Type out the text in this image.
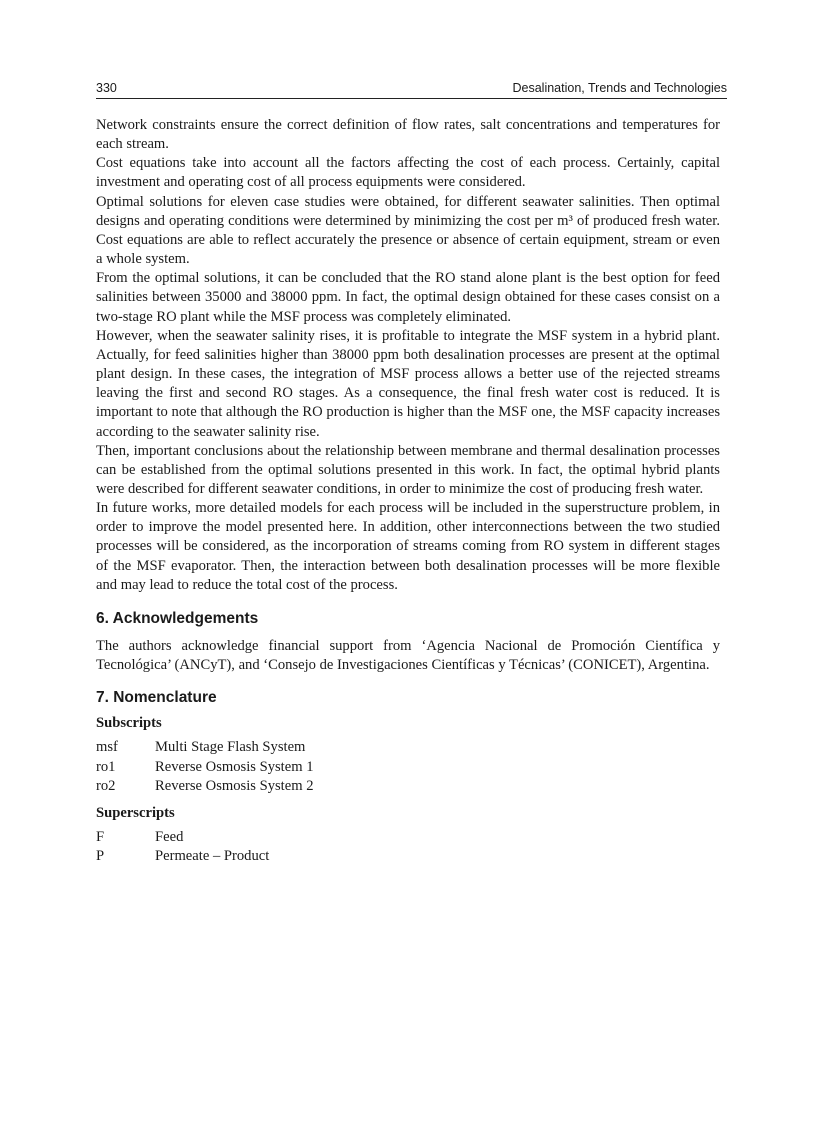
330	Desalination, Trends and Technologies

Network constraints ensure the correct definition of flow rates, salt concentrations and temperatures for each stream.

Cost equations take into account all the factors affecting the cost of each process. Certainly, capital investment and operating cost of all process equipments were considered.

Optimal solutions for eleven case studies were obtained, for different seawater salinities. Then optimal designs and operating conditions were determined by minimizing the cost per m³ of produced fresh water. Cost equations are able to reflect accurately the presence or absence of certain equipment, stream or even a whole system.

From the optimal solutions, it can be concluded that the RO stand alone plant is the best option for feed salinities between 35000 and 38000 ppm. In fact, the optimal design obtained for these cases consist on a two-stage RO plant while the MSF process was completely eliminated.

However, when the seawater salinity rises, it is profitable to integrate the MSF system in a hybrid plant. Actually, for feed salinities higher than 38000 ppm both desalination processes are present at the optimal plant design. In these cases, the integration of MSF process allows a better use of the rejected streams leaving the first and second RO stages. As a consequence, the final fresh water cost is reduced. It is important to note that although the RO production is higher than the MSF one, the MSF capacity increases according to the seawater salinity rise.

Then, important conclusions about the relationship between membrane and thermal desalination processes can be established from the optimal solutions presented in this work. In fact, the optimal hybrid plants were described for different seawater conditions, in order to minimize the cost of producing fresh water.

In future works, more detailed models for each process will be included in the superstructure problem, in order to improve the model presented here. In addition, other interconnections between the two studied processes will be considered, as the incorporation of streams coming from RO system in different stages of the MSF evaporator. Then, the interaction between both desalination processes will be more flexible and may lead to reduce the total cost of the process.

6. Acknowledgements

The authors acknowledge financial support from ‘Agencia Nacional de Promoción Científica y Tecnológica’ (ANCyT), and ‘Consejo de Investigaciones Científicas y Técnicas’ (CONICET), Argentina.

7. Nomenclature
Subscripts
msf	Multi Stage Flash System
ro1	Reverse Osmosis System 1
ro2	Reverse Osmosis System 2
Superscripts
F	Feed
P	Permeate – Product
